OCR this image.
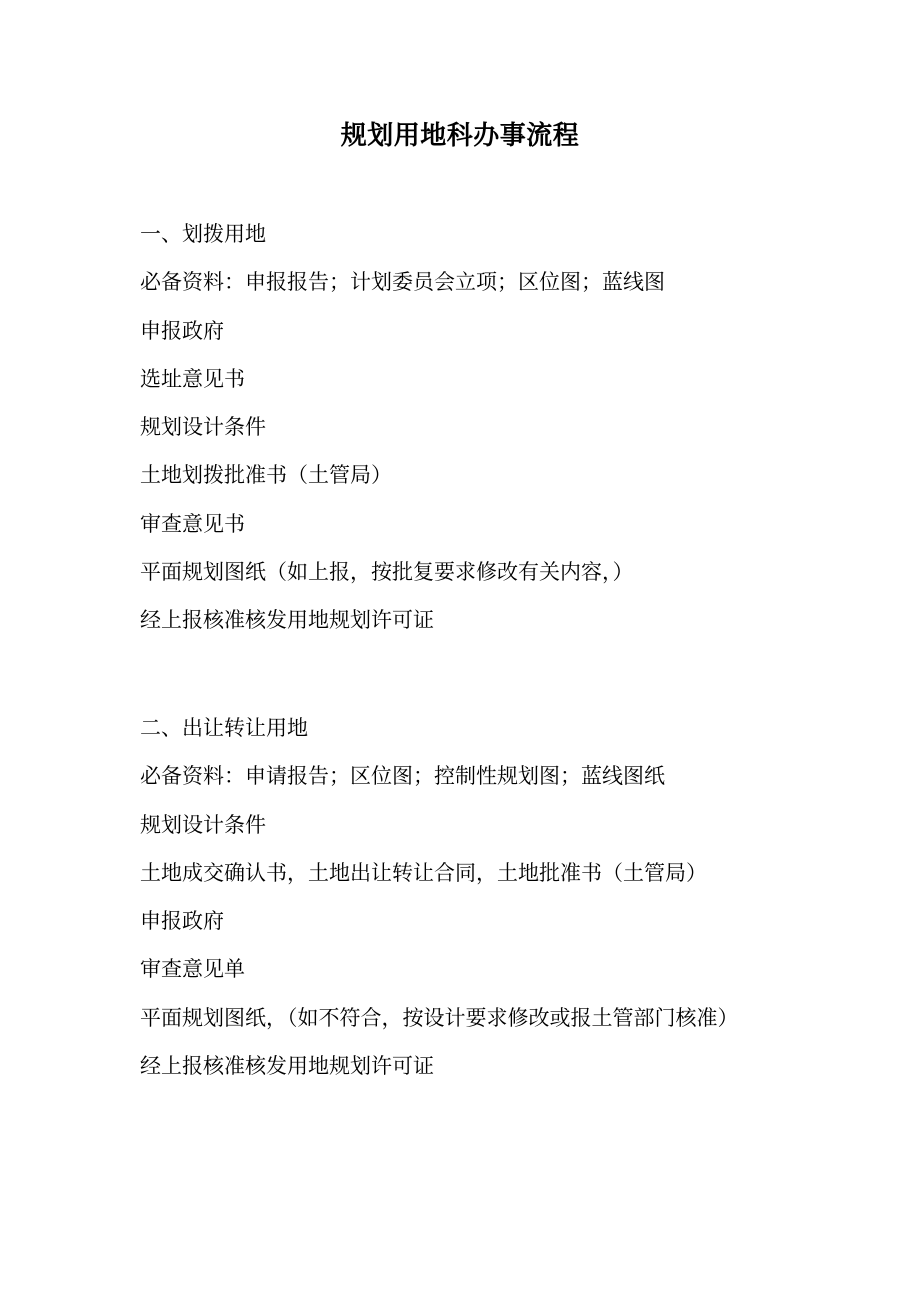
规划用地科办事流程
一、划拨用地
必备资料：申报报告；计划委员会立项；区位图；蓝线图
申报政府
选址意见书
规划设计条件
土地划拨批准书（土管局）
审查意见书
平面规划图纸（如上报，按批复要求修改有关内容，）
经上报核准核发用地规划许可证
二、出让转让用地
必备资料：申请报告；区位图；控制性规划图；蓝线图纸
规划设计条件
土地成交确认书，土地出让转让合同，土地批准书（土管局）
申报政府
审查意见单
平面规划图纸，（如不符合，按设计要求修改或报土管部门核准）
经上报核准核发用地规划许可证
